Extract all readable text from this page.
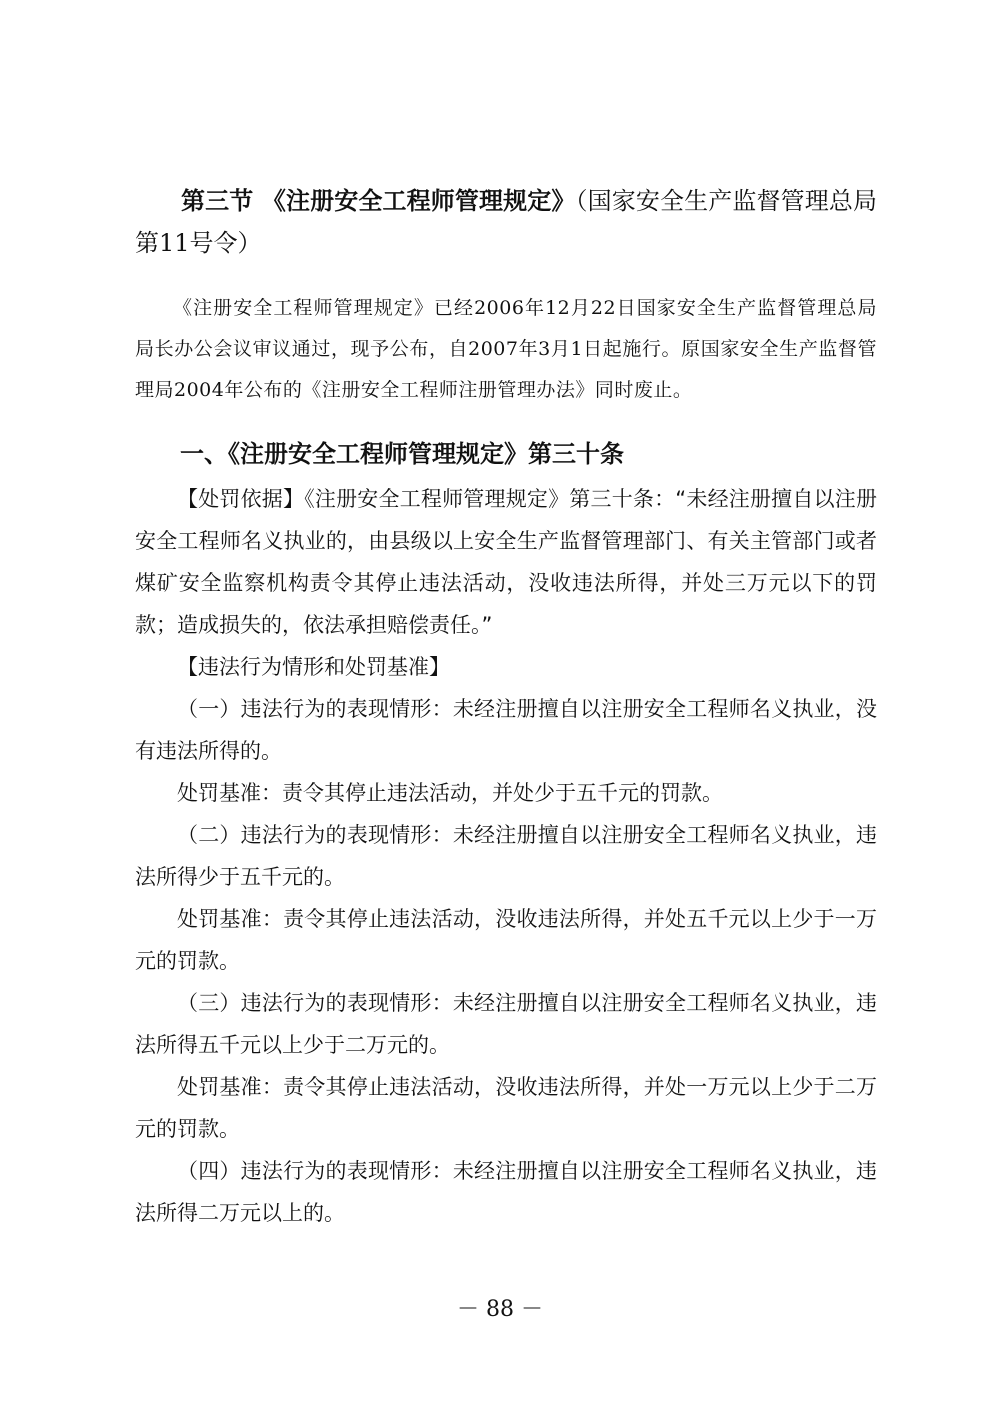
第三节 《注册安全工程师管理规定》（国家安全生产监督管理总局第11号令）

《注册安全工程师管理规定》已经2006年12月22日国家安全生产监督管理总局局长办公会议审议通过，现予公布，自2007年3月1日起施行。原国家安全生产监督管理局2004年公布的《注册安全工程师注册管理办法》同时废止。

一、《注册安全工程师管理规定》第三十条

【处罚依据】《注册安全工程师管理规定》第三十条：“未经注册擅自以注册安全工程师名义执业的，由县级以上安全生产监督管理部门、有关主管部门或者煤矿安全监察机构责令其停止违法活动，没收违法所得，并处三万元以下的罚款；造成损失的，依法承担赔偿责任。”

【违法行为情形和处罚基准】

（一）违法行为的表现情形：未经注册擅自以注册安全工程师名义执业，没有违法所得的。

处罚基准：责令其停止违法活动，并处少于五千元的罚款。

（二）违法行为的表现情形：未经注册擅自以注册安全工程师名义执业，违法所得少于五千元的。

处罚基准：责令其停止违法活动，没收违法所得，并处五千元以上少于一万元的罚款。

（三）违法行为的表现情形：未经注册擅自以注册安全工程师名义执业，违法所得五千元以上少于二万元的。

处罚基准：责令其停止违法活动，没收违法所得，并处一万元以上少于二万元的罚款。

（四）违法行为的表现情形：未经注册擅自以注册安全工程师名义执业，违法所得二万元以上的。

－ 88 －
